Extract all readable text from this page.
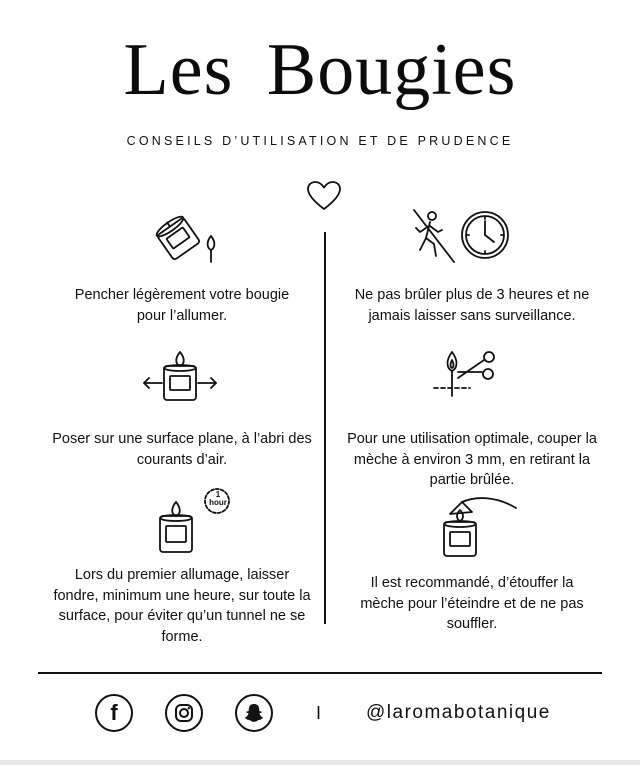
Les Bougies
CONSEILS D’UTILISATION ET DE PRUDENCE
Pencher légèrement votre bougie pour l’allumer.
Poser sur une surface plane, à l’abri des courants d’air.
1 hour
Lors du premier allumage, laisser fondre, minimum une heure, sur toute la surface, pour éviter qu’un tunnel ne se forme.
Ne pas brûler plus de 3 heures et ne jamais laisser sans surveillance.
Pour une utilisation optimale, couper la mèche à environ 3 mm, en retirant la partie brûlée.
Il est recommandé, d’étouffer la mèche pour l’éteindre et de ne pas souffler.
f	I @laromabotanique
